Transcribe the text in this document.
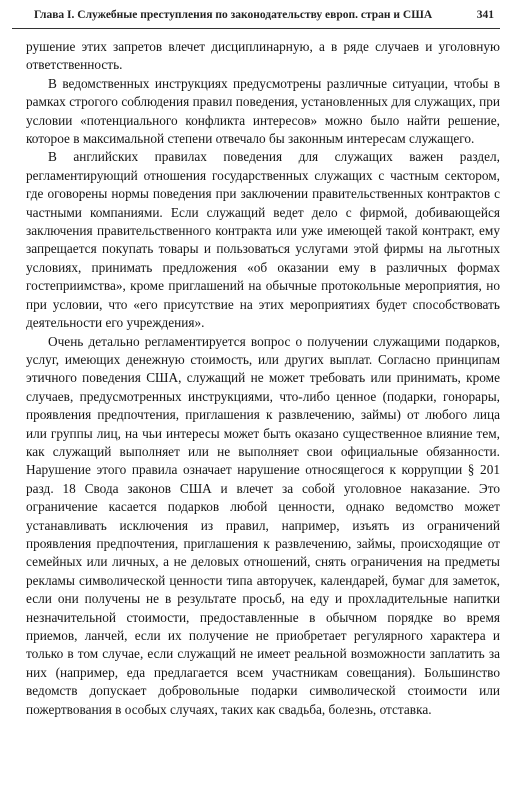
Глава I. Служебные преступления по законодательству европ. стран и США	341

рушение этих запретов влечет дисциплинарную, а в ряде случаев и уголовную ответственность.

В ведомственных инструкциях предусмотрены различные ситуации, чтобы в рамках строгого соблюдения правил поведения, установленных для служащих, при условии «потенциального конфликта интересов» можно было найти решение, которое в максимальной степени отвечало бы законным интересам служащего.

В английских правилах поведения для служащих важен раздел, регламентирующий отношения государственных служащих с частным сектором, где оговорены нормы поведения при заключении правительственных контрактов с частными компаниями. Если служащий ведет дело с фирмой, добивающейся заключения правительственного контракта или уже имеющей такой контракт, ему запрещается покупать товары и пользоваться услугами этой фирмы на льготных условиях, принимать предложения «об оказании ему в различных формах гостеприимства», кроме приглашений на обычные протокольные мероприятия, но при условии, что «его присутствие на этих мероприятиях будет способствовать деятельности его учреждения».

Очень детально регламентируется вопрос о получении служащими подарков, услуг, имеющих денежную стоимость, или других выплат. Согласно принципам этичного поведения США, служащий не может требовать или принимать, кроме случаев, предусмотренных инструкциями, что-либо ценное (подарки, гонорары, проявления предпочтения, приглашения к развлечению, займы) от любого лица или группы лиц, на чьи интересы может быть оказано существенное влияние тем, как служащий выполняет или не выполняет свои официальные обязанности. Нарушение этого правила означает нарушение относящегося к коррупции § 201 разд. 18 Свода законов США и влечет за собой уголовное наказание. Это ограничение касается подарков любой ценности, однако ведомство может устанавливать исключения из правил, например, изъять из ограничений проявления предпочтения, приглашения к развлечению, займы, происходящие от семейных или личных, а не деловых отношений, снять ограничения на предметы рекламы символической ценности типа авторучек, календарей, бумаг для заметок, если они получены не в результате просьб, на еду и прохладительные напитки незначительной стоимости, предоставленные в обычном порядке во время приемов, ланчей, если их получение не приобретает регулярного характера и только в том случае, если служащий не имеет реальной возможности заплатить за них (например, еда предлагается всем участникам совещания). Большинство ведомств допускает добровольные подарки символической стоимости или пожертвования в особых случаях, таких как свадьба, болезнь, отставка.
